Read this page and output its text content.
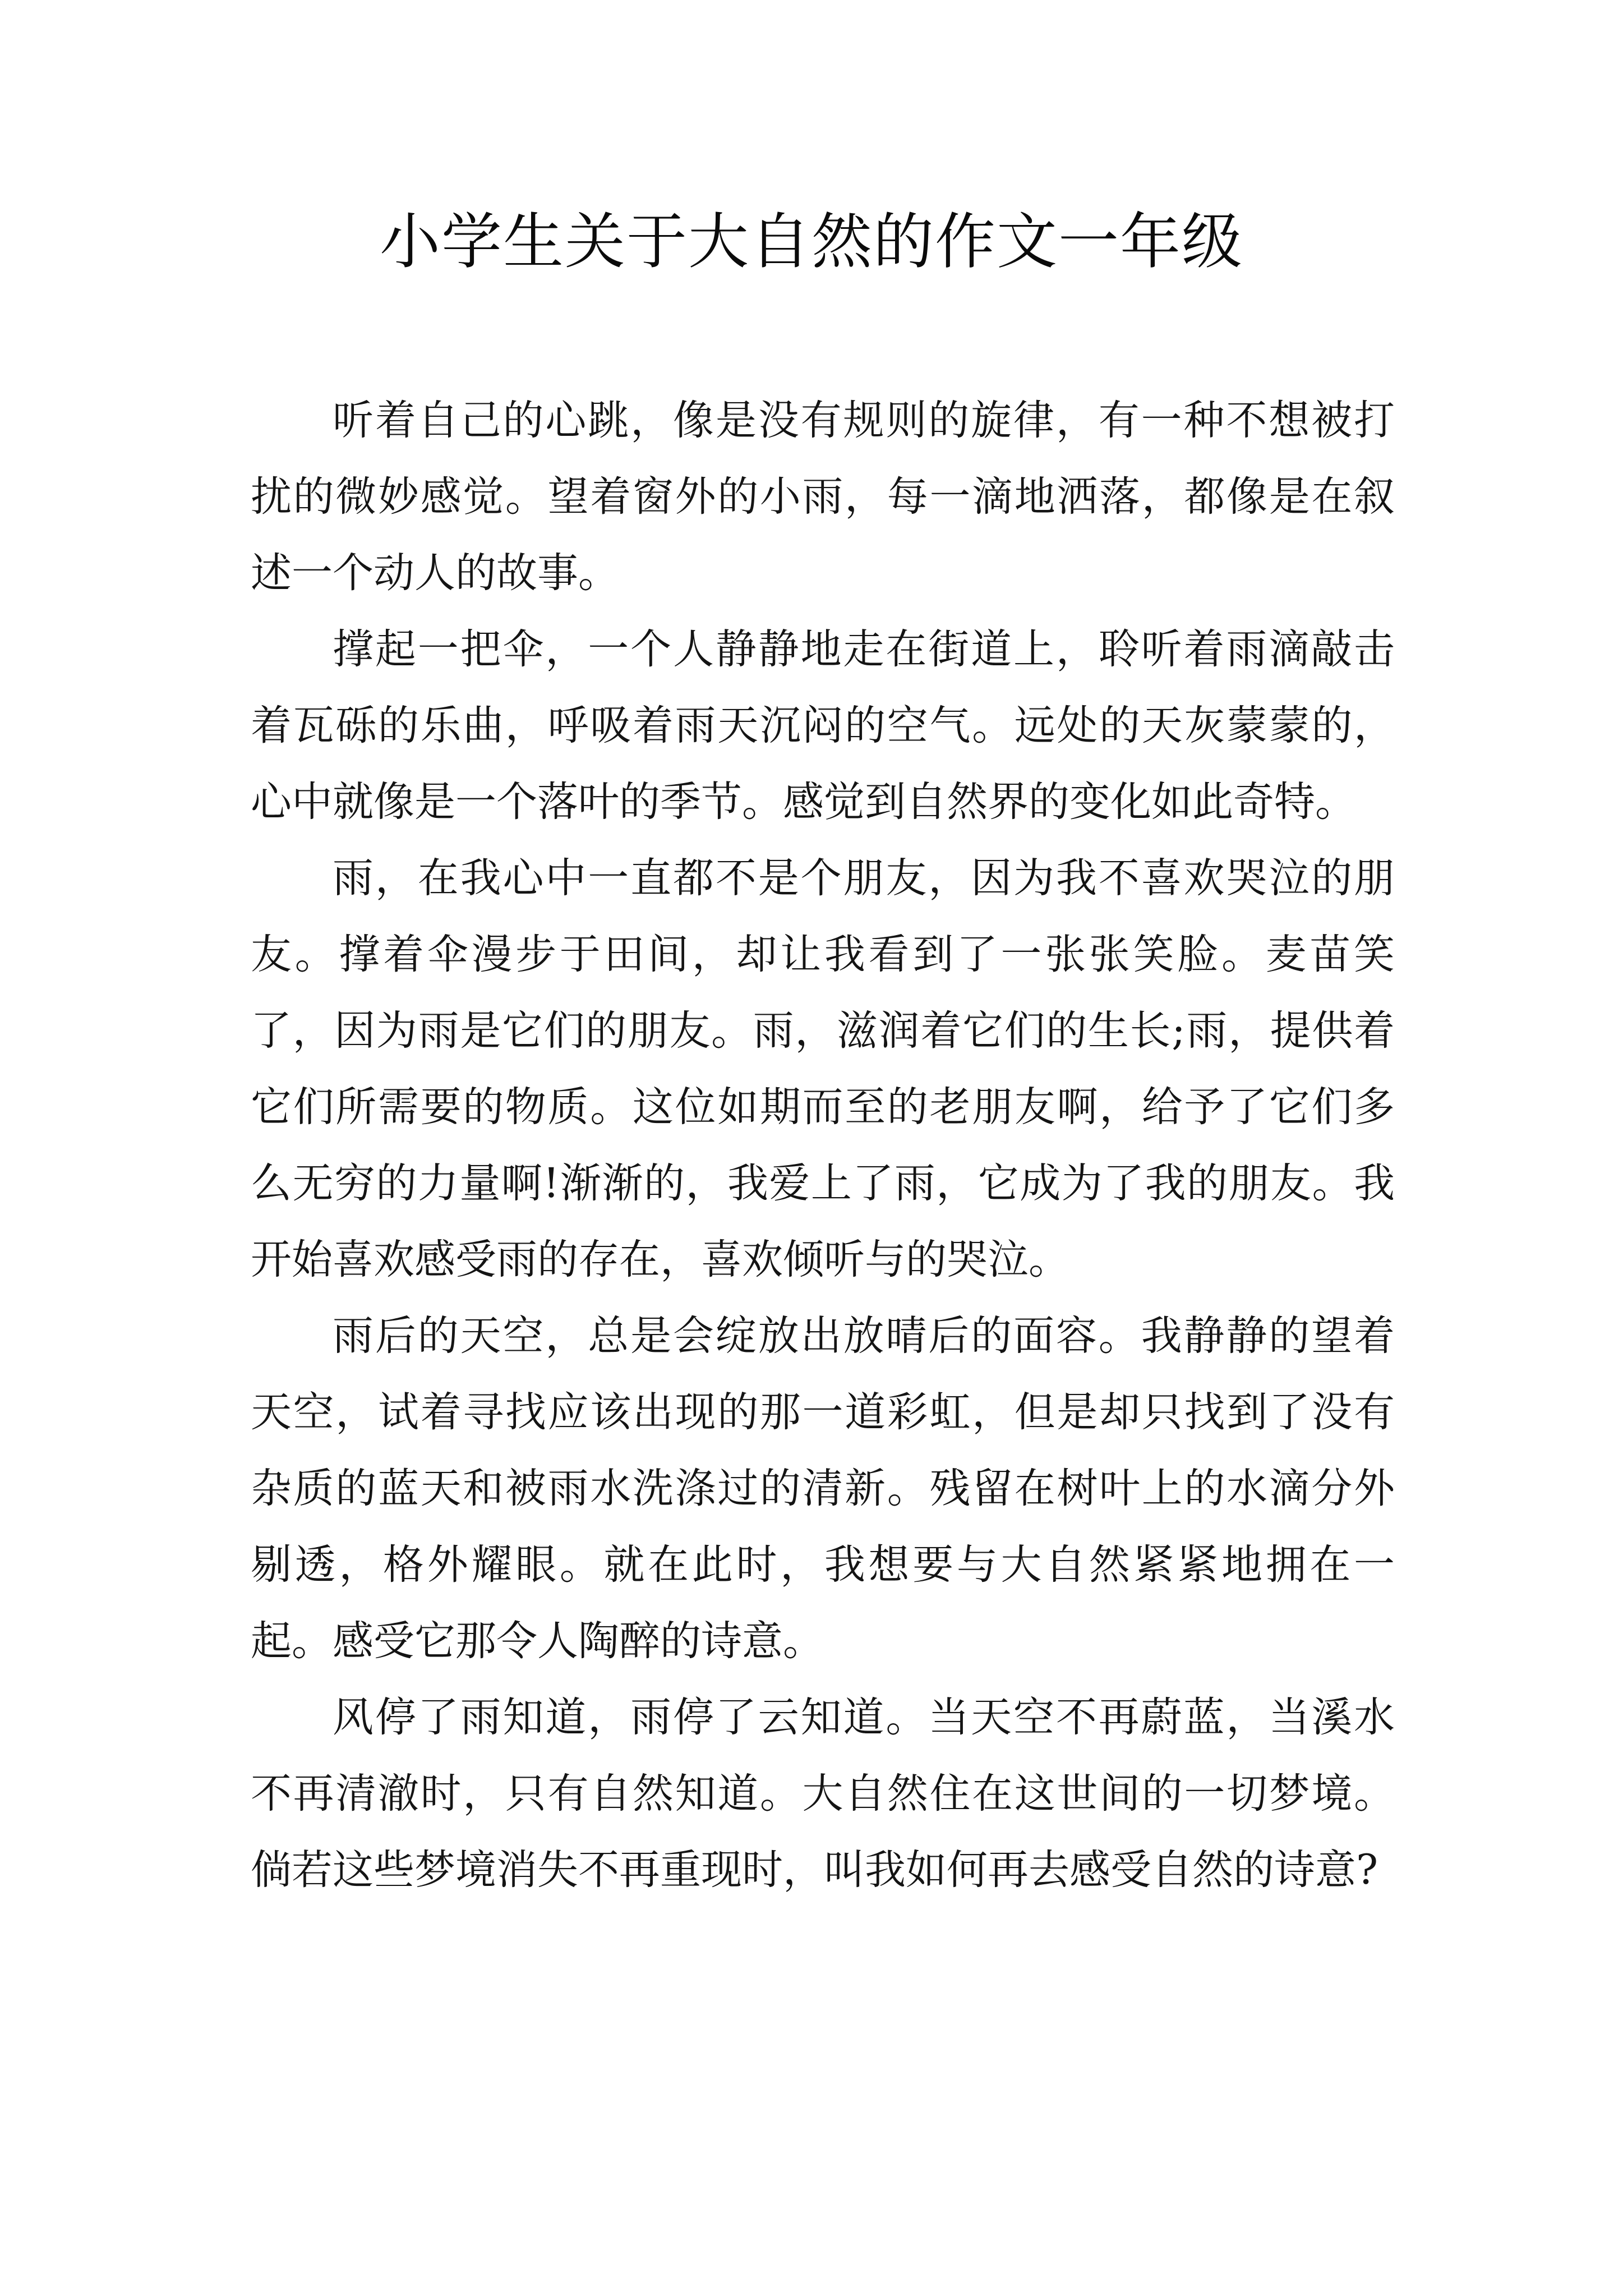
小学生关于大自然的作文一年级

听着自己的心跳，像是没有规则的旋律，有一种不想被打扰的微妙感觉。望着窗外的小雨，每一滴地洒落，都像是在叙述一个动人的故事。

撑起一把伞，一个人静静地走在街道上，聆听着雨滴敲击着瓦砾的乐曲，呼吸着雨天沉闷的空气。远处的天灰蒙蒙的，心中就像是一个落叶的季节。感觉到自然界的变化如此奇特。

雨，在我心中一直都不是个朋友，因为我不喜欢哭泣的朋友。撑着伞漫步于田间，却让我看到了一张张笑脸。麦苗笑了，因为雨是它们的朋友。雨，滋润着它们的生长;雨，提供着它们所需要的物质。这位如期而至的老朋友啊，给予了它们多么无穷的力量啊!渐渐的，我爱上了雨，它成为了我的朋友。我开始喜欢感受雨的存在，喜欢倾听与的哭泣。

雨后的天空，总是会绽放出放晴后的面容。我静静的望着天空，试着寻找应该出现的那一道彩虹，但是却只找到了没有杂质的蓝天和被雨水洗涤过的清新。残留在树叶上的水滴分外剔透，格外耀眼。就在此时，我想要与大自然紧紧地拥在一起。感受它那令人陶醉的诗意。

风停了雨知道，雨停了云知道。当天空不再蔚蓝，当溪水不再清澈时，只有自然知道。大自然住在这世间的一切梦境。倘若这些梦境消失不再重现时，叫我如何再去感受自然的诗意?
